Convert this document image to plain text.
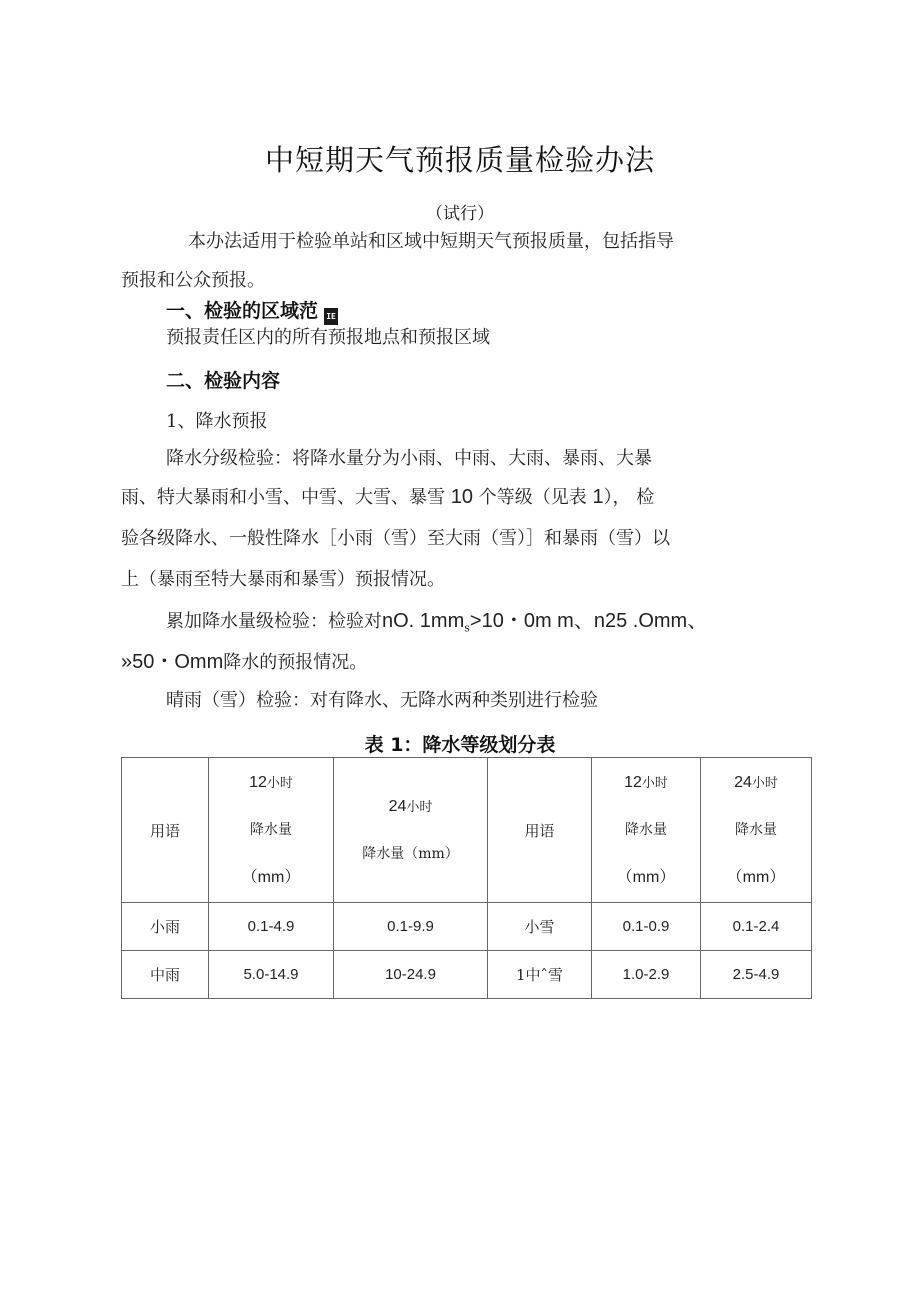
中短期天气预报质量检验办法
（试行）
本办法适用于检验单站和区域中短期天气预报质量，包括指导
预报和公众预报。
一、检验的区域范 IE
预报责任区内的所有预报地点和预报区域
二、检验内容
1、降水预报
降水分级检验：将降水量分为小雨、中雨、大雨、暴雨、大暴
雨、特大暴雨和小雪、中雪、大雪、暴雪 10 个等级（见表 1）， 检
验各级降水、一般性降水［小雨（雪）至大雨（雪）］和暴雨（雪）以
上（暴雨至特大暴雨和暴雪）预报情况。
累加降水量级检验：检验对nO. $1mm_s>10$・0m m、n25 .Omm、
»50・Omm降水的预报情况。
晴雨（雪）检验：对有降水、无降水两种类别进行检验
表 1：降水等级划分表
用语	12小时
降水量
（mm）	24小时
降水量（mm）	用语	12小时
降水量
（mm）	24小时
降水量
（mm）

小雨	0.1-4.9	0.1-9.9	小雪	0.1-0.9	0.1-2.4
中雨	5.0-14.9	10-24.9	1中ˆ雪	1.0-2.9	2.5-4.9
